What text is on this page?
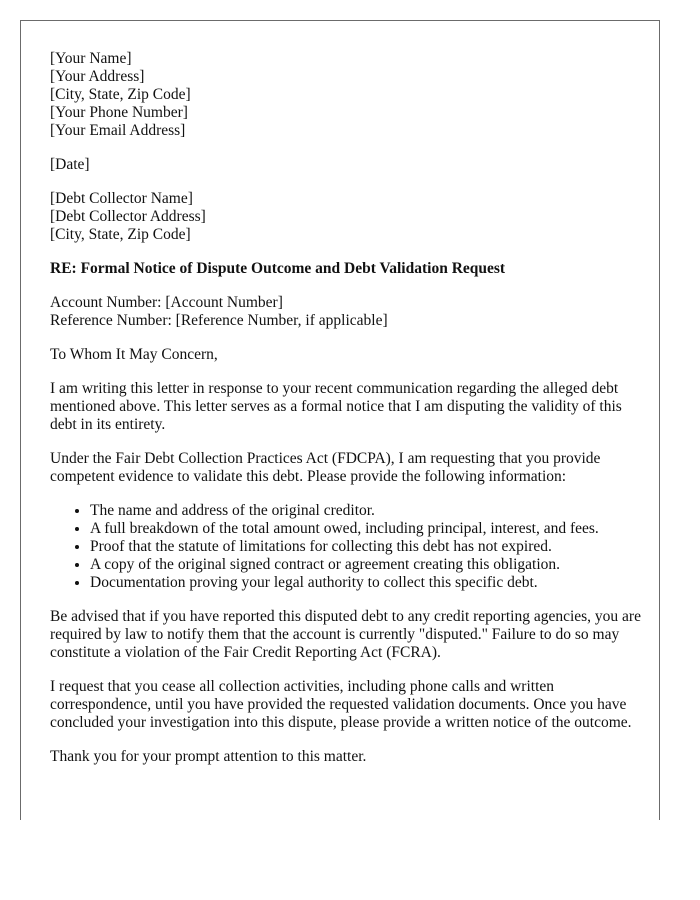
[Your Name]
[Your Address]
[City, State, Zip Code]
[Your Phone Number]
[Your Email Address]
[Date]
[Debt Collector Name]
[Debt Collector Address]
[City, State, Zip Code]
RE: Formal Notice of Dispute Outcome and Debt Validation Request
Account Number: [Account Number]
Reference Number: [Reference Number, if applicable]

To Whom It May Concern,

I am writing this letter in response to your recent communication regarding the alleged debt mentioned above. This letter serves as a formal notice that I am disputing the validity of this debt in its entirety.

Under the Fair Debt Collection Practices Act (FDCPA), I am requesting that you provide competent evidence to validate this debt. Please provide the following information:

• The name and address of the original creditor.
• A full breakdown of the total amount owed, including principal, interest, and fees.
• Proof that the statute of limitations for collecting this debt has not expired.
• A copy of the original signed contract or agreement creating this obligation.
• Documentation proving your legal authority to collect this specific debt.

Be advised that if you have reported this disputed debt to any credit reporting agencies, you are required by law to notify them that the account is currently "disputed." Failure to do so may constitute a violation of the Fair Credit Reporting Act (FCRA).

I request that you cease all collection activities, including phone calls and written correspondence, until you have provided the requested validation documents. Once you have concluded your investigation into this dispute, please provide a written notice of the outcome.

Thank you for your prompt attention to this matter.
